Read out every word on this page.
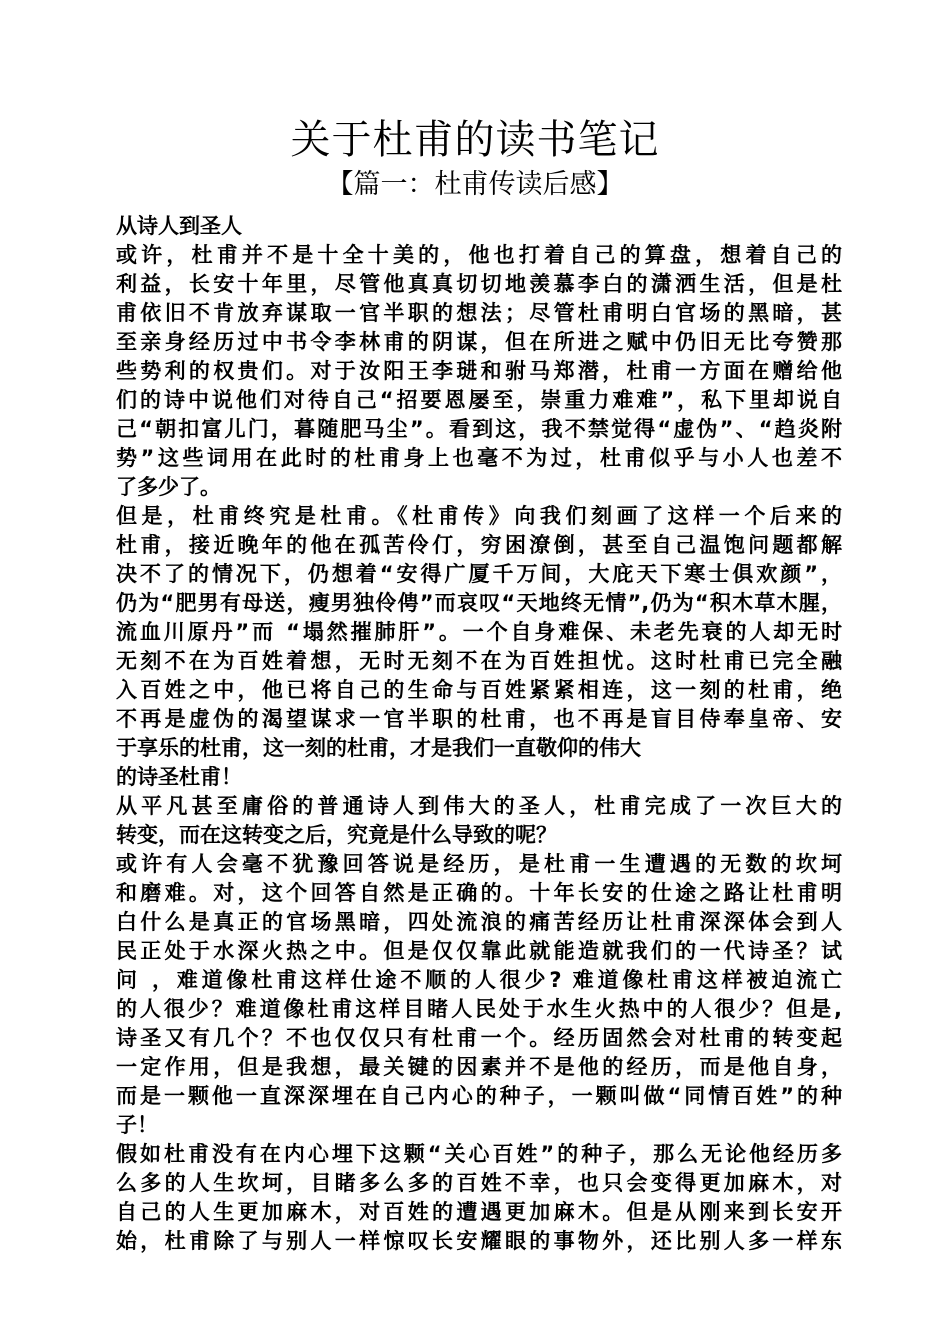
关于杜甫的读书笔记
【篇一：杜甫传读后感】
从诗人到圣人
或许，杜甫并不是十全十美的，他也打着自己的算盘，想着自己的
利益，长安十年里，尽管他真真切切地羡慕李白的潇洒生活，但是杜
甫依旧不肯放弃谋取一官半职的想法；尽管杜甫明白官场的黑暗，甚
至亲身经历过中书令李林甫的阴谋，但在所进之赋中仍旧无比夸赞那
些势利的权贵们。对于汝阳王李琎和驸马郑潜，杜甫一方面在赠给他
们的诗中说他们对待自己“招要恩屡至，崇重力难难”，私下里却说自
己“朝扣富儿门，暮随肥马尘”。看到这，我不禁觉得“虚伪”、“趋炎附
势”这些词用在此时的杜甫身上也毫不为过，杜甫似乎与小人也差不
了多少了。
但是，杜甫终究是杜甫。《杜甫传》向我们刻画了这样一个后来的
杜甫，接近晚年的他在孤苦伶仃，穷困潦倒，甚至自己温饱问题都解
决不了的情况下，仍想着“安得广厦千万间，大庇天下寒士俱欢颜”，
仍为“肥男有母送，瘦男独伶俜”而哀叹“天地终无情”,仍为“积木草木腥，
流血川原丹”而 “塌然摧肺肝”。一个自身难保、未老先衰的人却无时
无刻不在为百姓着想，无时无刻不在为百姓担忧。这时杜甫已完全融
入百姓之中，他已将自己的生命与百姓紧紧相连，这一刻的杜甫，绝
不再是虚伪的渴望谋求一官半职的杜甫，也不再是盲目侍奉皇帝、安
于享乐的杜甫，这一刻的杜甫，才是我们一直敬仰的伟大
的诗圣杜甫！
从平凡甚至庸俗的普通诗人到伟大的圣人，杜甫完成了一次巨大的
转变，而在这转变之后，究竟是什么导致的呢？
或许有人会毫不犹豫回答说是经历，是杜甫一生遭遇的无数的坎坷
和磨难。对，这个回答自然是正确的。十年长安的仕途之路让杜甫明
白什么是真正的官场黑暗，四处流浪的痛苦经历让杜甫深深体会到人
民正处于水深火热之中。但是仅仅靠此就能造就我们的一代诗圣？试
问 ，难道像杜甫这样仕途不顺的人很少? 难道像杜甫这样被迫流亡
的人很少？难道像杜甫这样目睹人民处于水生火热中的人很少？但是,
诗圣又有几个？不也仅仅只有杜甫一个。经历固然会对杜甫的转变起
一定作用，但是我想，最关键的因素并不是他的经历，而是他自身，
而是一颗他一直深深埋在自己内心的种子，一颗叫做“同情百姓”的种
子！
假如杜甫没有在内心埋下这颗“关心百姓”的种子，那么无论他经历多
么多的人生坎坷，目睹多么多的百姓不幸，也只会变得更加麻木，对
自己的人生更加麻木，对百姓的遭遇更加麻木。但是从刚来到长安开
始，杜甫除了与别人一样惊叹长安耀眼的事物外，还比别人多一样东
